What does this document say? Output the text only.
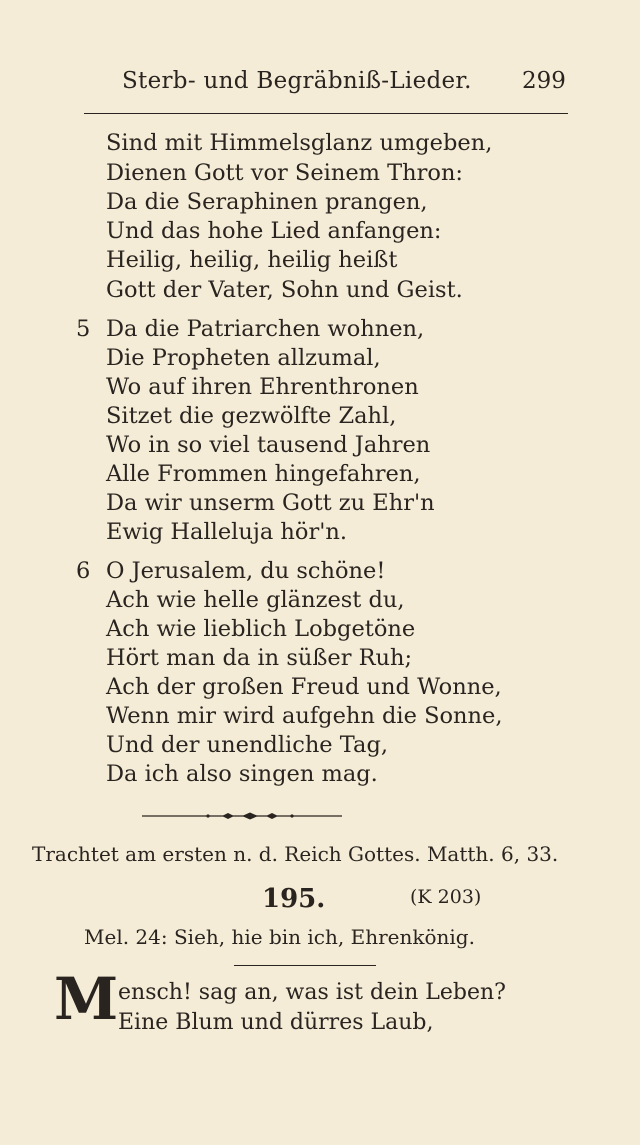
Sterb- und Begräbniß-Lieder. 299
Sind mit Himmelsglanz umgeben,
Dienen Gott vor Seinem Thron:
Da die Seraphinen prangen,
Und das hohe Lied anfangen:
Heilig, heilig, heilig heißt
Gott der Vater, Sohn und Geist.
5 Da die Patriarchen wohnen,
Die Propheten allzumal,
Wo auf ihren Ehrenthronen
Sitzet die gezwölfte Zahl,
Wo in so viel tausend Jahren
Alle Frommen hingefahren,
Da wir unserm Gott zu Ehr'n
Ewig Halleluja hör'n.
6 O Jerusalem, du schöne!
Ach wie helle glänzest du,
Ach wie lieblich Lobgetöne
Hört man da in süßer Ruh;
Ach der großen Freud und Wonne,
Wenn mir wird aufgehn die Sonne,
Und der unendliche Tag,
Da ich also singen mag.
Trachtet am ersten n. d. Reich Gottes. Matth. 6, 33.
195.	(K 203)
Mel. 24: Sieh, hie bin ich, Ehrenkönig.
M ensch! sag an, was ist dein Leben?
Eine Blum und dürres Laub,
